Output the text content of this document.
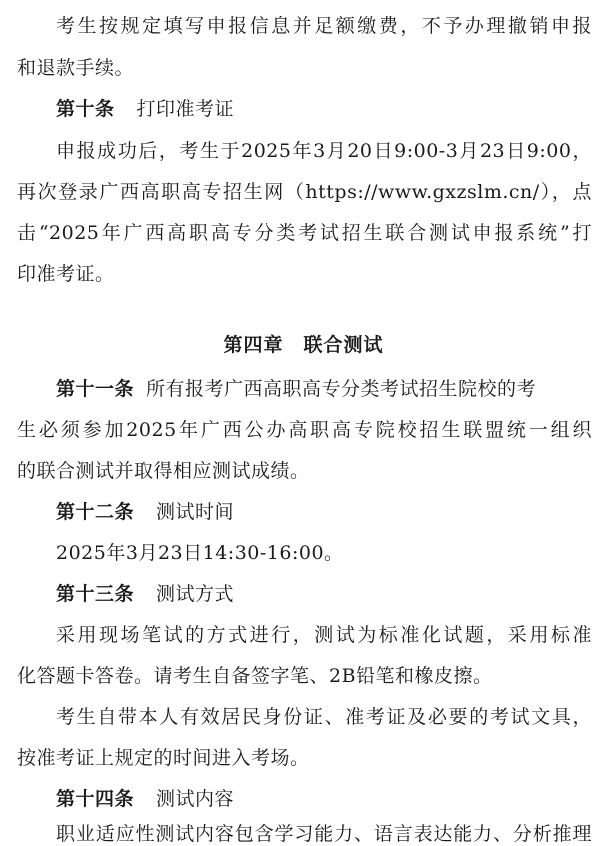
考生按规定填写申报信息并足额缴费，不予办理撤销申报
和退款手续。
第十条 打印准考证
申报成功后，考生于2025年3月20日9:00-3月23日9:00，
再次登录广西高职高专招生网（https://www.gxzslm.cn/），点
击“2025年广西高职高专分类考试招生联合测试申报系统”打
印准考证。
第四章　联合测试
第十一条 所有报考广西高职高专分类考试招生院校的考
生必须参加2025年广西公办高职高专院校招生联盟统一组织
的联合测试并取得相应测试成绩。
第十二条 测试时间
2025年3月23日14:30-16:00。
第十三条 测试方式
采用现场笔试的方式进行，测试为标准化试题，采用标准
化答题卡答卷。请考生自备签字笔、2B铅笔和橡皮擦。
考生自带本人有效居民身份证、准考证及必要的考试文具，
按准考证上规定的时间进入考场。
第十四条 测试内容
职业适应性测试内容包含学习能力、语言表达能力、分析推理
